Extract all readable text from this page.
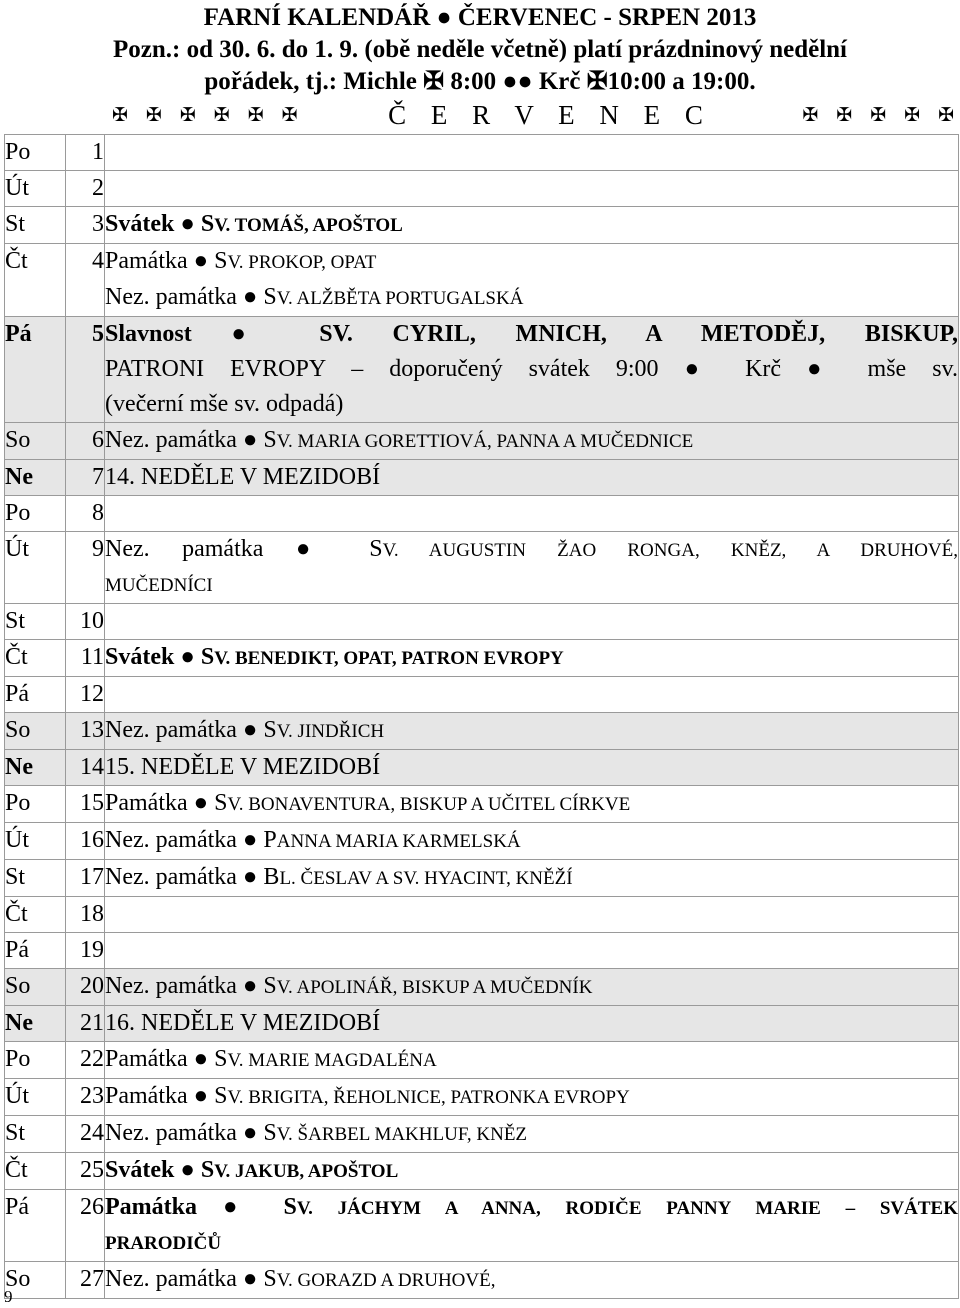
FARNÍ KALENDÁŘ ● ČERVENEC - SRPEN 2013
Pozn.: od 30. 6. do 1. 9. (obě neděle včetně) platí prázdninový nedělní
pořádek, tj.: Michle ✠ 8:00 ●● Krč ✠10:00 a 19:00.
✠ ✠ ✠ ✠ ✠ ✠	Č E R V E N E C	✠ ✠ ✠ ✠ ✠
Po	1	
Út	2	
St	3	Svátek ● SV. TOMÁŠ, APOŠTOL
Čt	4	Památka ● SV. PROKOP, OPAT
Nez. památka ● SV. ALŽBĚTA PORTUGALSKÁ

Pá	5	Slavnost ● SV. CYRIL, MNICH, A METODĚJ, BISKUP,
PATRONI EVROPY – doporučený svátek 9:00 ● Krč ● mše sv.
(večerní mše sv. odpadá)

So	6	Nez. památka ● SV. MARIA GORETTIOVÁ, PANNA A MUČEDNICE
Ne	7	14. NEDĚLE V MEZIDOBÍ
Po	8	
Út	9	Nez. památka ● SV. AUGUSTIN ŽAO RONGA, KNĚZ, A DRUHOVÉ,
MUČEDNÍCI

St	10	
Čt	11	Svátek ● SV. BENEDIKT, OPAT, PATRON EVROPY
Pá	12	
So	13	Nez. památka ● SV. JINDŘICH
Ne	14	15. NEDĚLE V MEZIDOBÍ
Po	15	Památka ● SV. BONAVENTURA, BISKUP A UČITEL CÍRKVE
Út	16	Nez. památka ● PANNA MARIA KARMELSKÁ
St	17	Nez. památka ● BL. ČESLAV A SV. HYACINT, KNĚŽÍ
Čt	18	
Pá	19	
So	20	Nez. památka ● SV. APOLINÁŘ, BISKUP A MUČEDNÍK
Ne	21	16. NEDĚLE V MEZIDOBÍ
Po	22	Památka ● SV. MARIE MAGDALÉNA
Út	23	Památka ● SV. BRIGITA, ŘEHOLNICE, PATRONKA EVROPY
St	24	Nez. památka ● SV. ŠARBEL MAKHLUF, KNĚZ
Čt	25	Svátek ● SV. JAKUB, APOŠTOL
Pá	26	Památka ● SV. JÁCHYM A ANNA, RODIČE PANNY MARIE – SVÁTEK
PRARODIČŮ

So	27	Nez. památka ● SV. GORAZD A DRUHOVÉ,
9
